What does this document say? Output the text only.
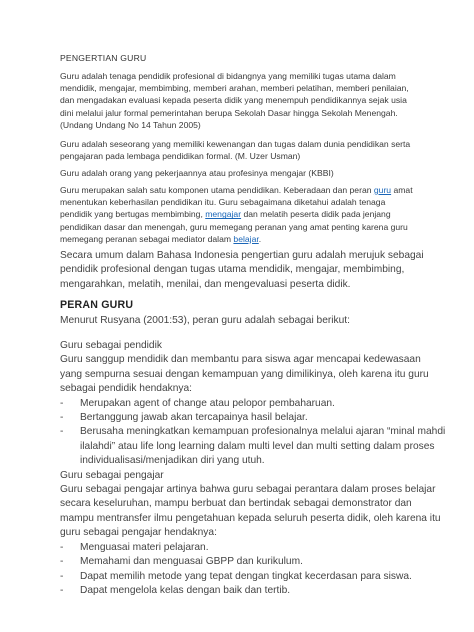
PENGERTIAN GURU
Guru adalah tenaga pendidik profesional di bidangnya yang memiliki tugas utama dalam
mendidik, mengajar, membimbing, memberi arahan, memberi pelatihan, memberi penilaian,
dan mengadakan evaluasi kepada peserta didik yang menempuh pendidikannya sejak usia
dini melalui jalur formal pemerintahan berupa Sekolah Dasar hingga Sekolah Menengah.
(Undang Undang No 14 Tahun 2005)
Guru adalah seseorang yang memiliki kewenangan dan tugas dalam dunia pendidikan serta
pengajaran pada lembaga pendidikan formal. (M. Uzer Usman)
Guru adalah orang yang pekerjaannya atau profesinya mengajar (KBBI)
Guru merupakan salah satu komponen utama pendidikan. Keberadaan dan peran guru amat
menentukan keberhasilan pendidikan itu. Guru sebagaimana diketahui adalah tenaga
pendidik yang bertugas membimbing, mengajar dan melatih peserta didik pada jenjang
pendidikan dasar dan menengah, guru memegang peranan yang amat penting karena guru
memegang peranan sebagai mediator dalam belajar.
Secara umum dalam Bahasa Indonesia pengertian guru adalah merujuk sebagai
pendidik profesional dengan tugas utama mendidik, mengajar, membimbing,
mengarahkan, melatih, menilai, dan mengevaluasi peserta didik.
PERAN GURU
Menurut Rusyana (2001:53), peran guru adalah sebagai berikut:
Guru sebagai pendidik
Guru sanggup mendidik dan membantu para siswa agar mencapai kedewasaan
yang sempurna sesuai dengan kemampuan yang dimilikinya, oleh karena itu guru
sebagai pendidik hendaknya:
-	Merupakan agent of change atau pelopor pembaharuan.
-	Bertanggung jawab akan tercapainya hasil belajar.
-	Berusaha meningkatkan kemampuan profesionalnya melalui ajaran “minal mahdi
ilalahdi” atau life long learning dalam multi level dan multi setting dalam proses
individualisasi/menjadikan diri yang utuh.
Guru sebagai pengajar
Guru sebagai pengajar artinya bahwa guru sebagai perantara dalam proses belajar
secara keseluruhan, mampu berbuat dan bertindak sebagai demonstrator dan
mampu mentransfer ilmu pengetahuan kepada seluruh peserta didik, oleh karena itu
guru sebagai pengajar hendaknya:
-	Menguasai materi pelajaran.
-	Memahami dan menguasai GBPP dan kurikulum.
-	Dapat memilih metode yang tepat dengan tingkat kecerdasan para siswa.
-	Dapat mengelola kelas dengan baik dan tertib.
